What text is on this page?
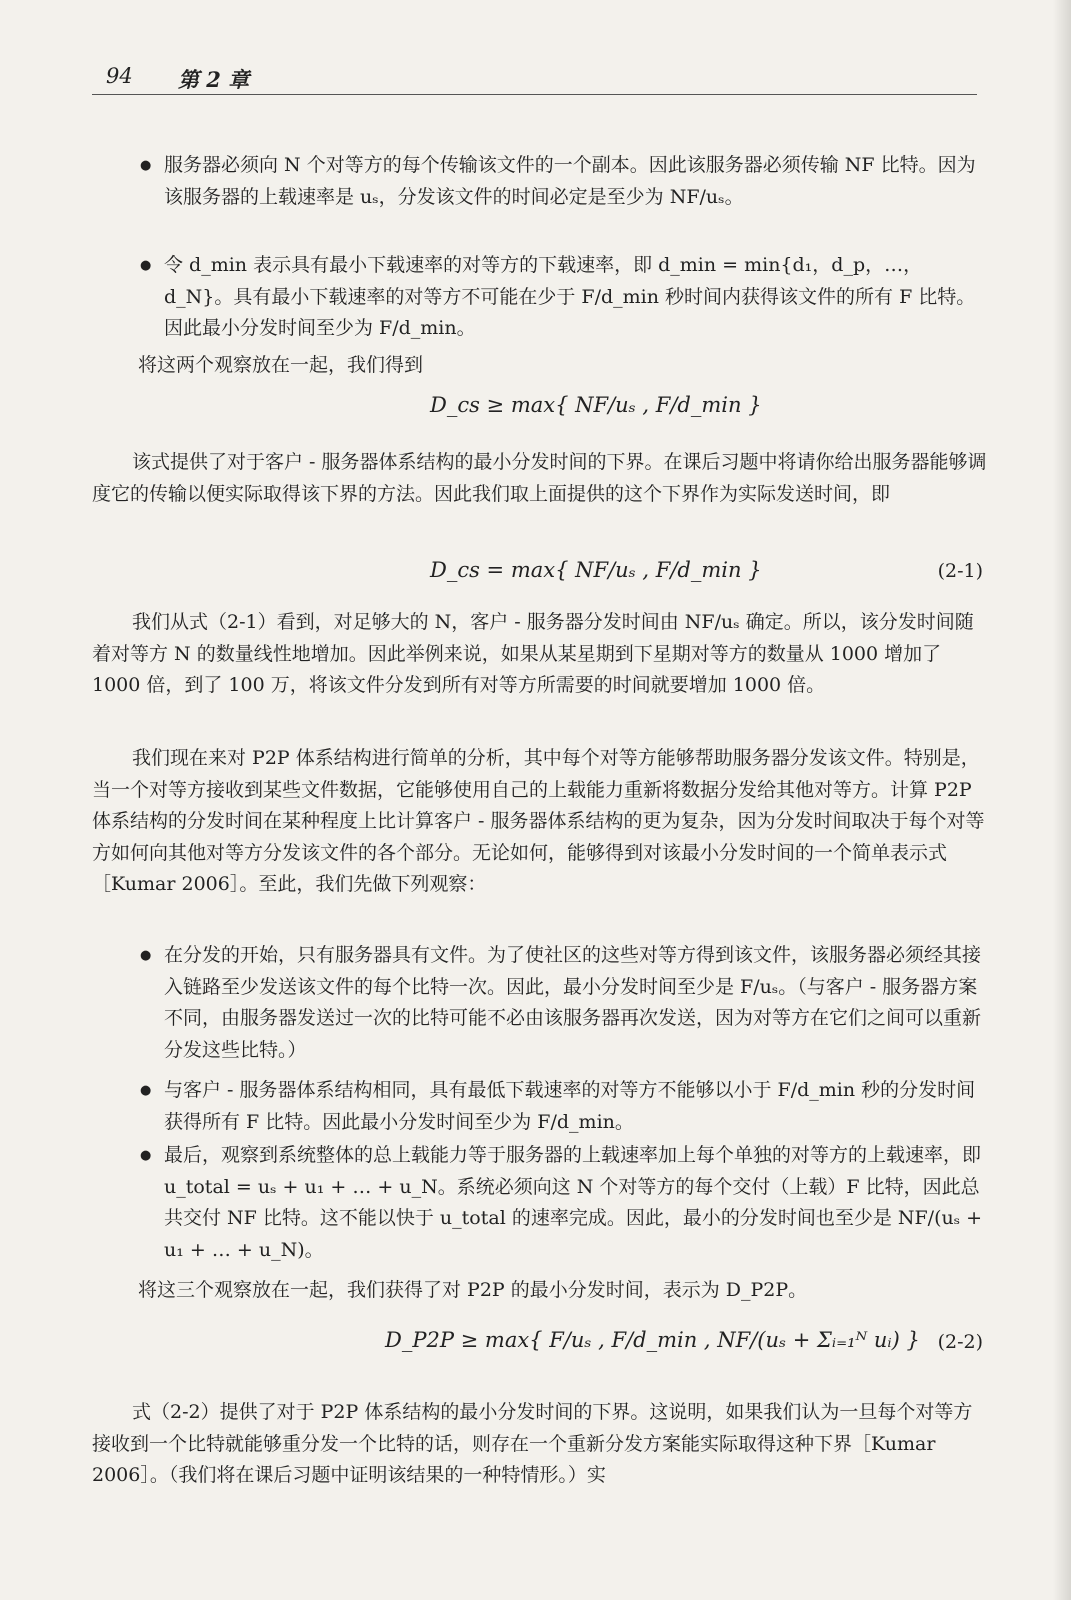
94 第 2 章

● 服务器必须向 N 个对等方的每个传输该文件的一个副本。因此该服务器必须传输 NF 比特。因为该服务器的上载速率是 uₛ，分发该文件的时间必定是至少为 NF/uₛ。

● 令 d_min 表示具有最小下载速率的对等方的下载速率，即 d_min = min{d₁，d_p，…，d_N}。具有最小下载速率的对等方不可能在少于 F/d_min 秒时间内获得该文件的所有 F 比特。因此最小分发时间至少为 F/d_min。

将这两个观察放在一起，我们得到

D_cs ≥ max{ NF/uₛ , F/d_min }

该式提供了对于客户 - 服务器体系结构的最小分发时间的下界。在课后习题中将请你给出服务器能够调度它的传输以便实际取得该下界的方法。因此我们取上面提供的这个下界作为实际发送时间，即

D_cs = max{ NF/uₛ , F/d_min }	(2-1)

我们从式（2-1）看到，对足够大的 N，客户 - 服务器分发时间由 NF/uₛ 确定。所以，该分发时间随着对等方 N 的数量线性地增加。因此举例来说，如果从某星期到下星期对等方的数量从 1000 增加了 1000 倍，到了 100 万，将该文件分发到所有对等方所需要的时间就要增加 1000 倍。

我们现在来对 P2P 体系结构进行简单的分析，其中每个对等方能够帮助服务器分发该文件。特别是，当一个对等方接收到某些文件数据，它能够使用自己的上载能力重新将数据分发给其他对等方。计算 P2P 体系结构的分发时间在某种程度上比计算客户 - 服务器体系结构的更为复杂，因为分发时间取决于每个对等方如何向其他对等方分发该文件的各个部分。无论如何，能够得到对该最小分发时间的一个简单表示式［Kumar 2006］。至此，我们先做下列观察：

● 在分发的开始，只有服务器具有文件。为了使社区的这些对等方得到该文件，该服务器必须经其接入链路至少发送该文件的每个比特一次。因此，最小分发时间至少是 F/uₛ。（与客户 - 服务器方案不同，由服务器发送过一次的比特可能不必由该服务器再次发送，因为对等方在它们之间可以重新分发这些比特。）

● 与客户 - 服务器体系结构相同，具有最低下载速率的对等方不能够以小于 F/d_min 秒的分发时间获得所有 F 比特。因此最小分发时间至少为 F/d_min。

● 最后，观察到系统整体的总上载能力等于服务器的上载速率加上每个单独的对等方的上载速率，即 u_total = uₛ + u₁ + … + u_N。系统必须向这 N 个对等方的每个交付（上载）F 比特，因此总共交付 NF 比特。这不能以快于 u_total 的速率完成。因此，最小的分发时间也至少是 NF/(uₛ + u₁ + … + u_N)。

将这三个观察放在一起，我们获得了对 P2P 的最小分发时间，表示为 D_P2P。

D_P2P ≥ max{ F/uₛ , F/d_min , NF/(uₛ + Σᵢ₌₁ᴺ uᵢ) } (2-2)

式（2-2）提供了对于 P2P 体系结构的最小分发时间的下界。这说明，如果我们认为一旦每个对等方接收到一个比特就能够重分发一个比特的话，则存在一个重新分发方案能实际取得这种下界［Kumar 2006］。（我们将在课后习题中证明该结果的一种特情形。）实
